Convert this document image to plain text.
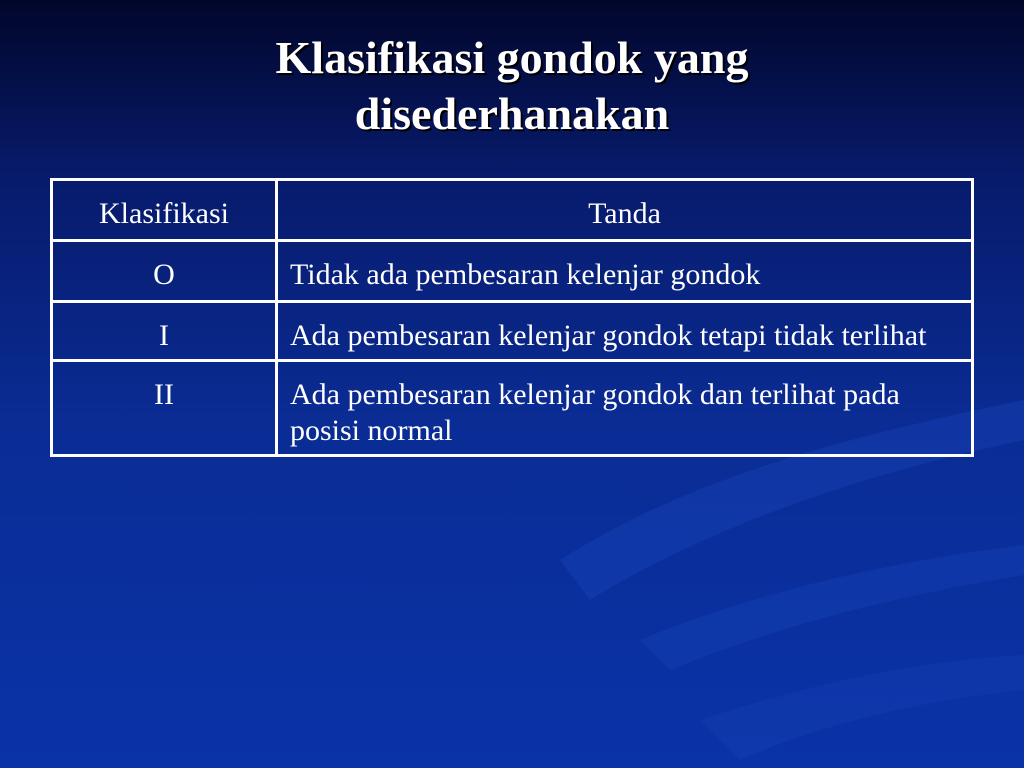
Klasifikasi gondok yang
disederhanakan
Klasifikasi	Tanda
O	Tidak ada pembesaran kelenjar gondok
I	Ada pembesaran kelenjar gondok tetapi tidak terlihat
II	Ada pembesaran kelenjar gondok dan terlihat pada posisi normal
